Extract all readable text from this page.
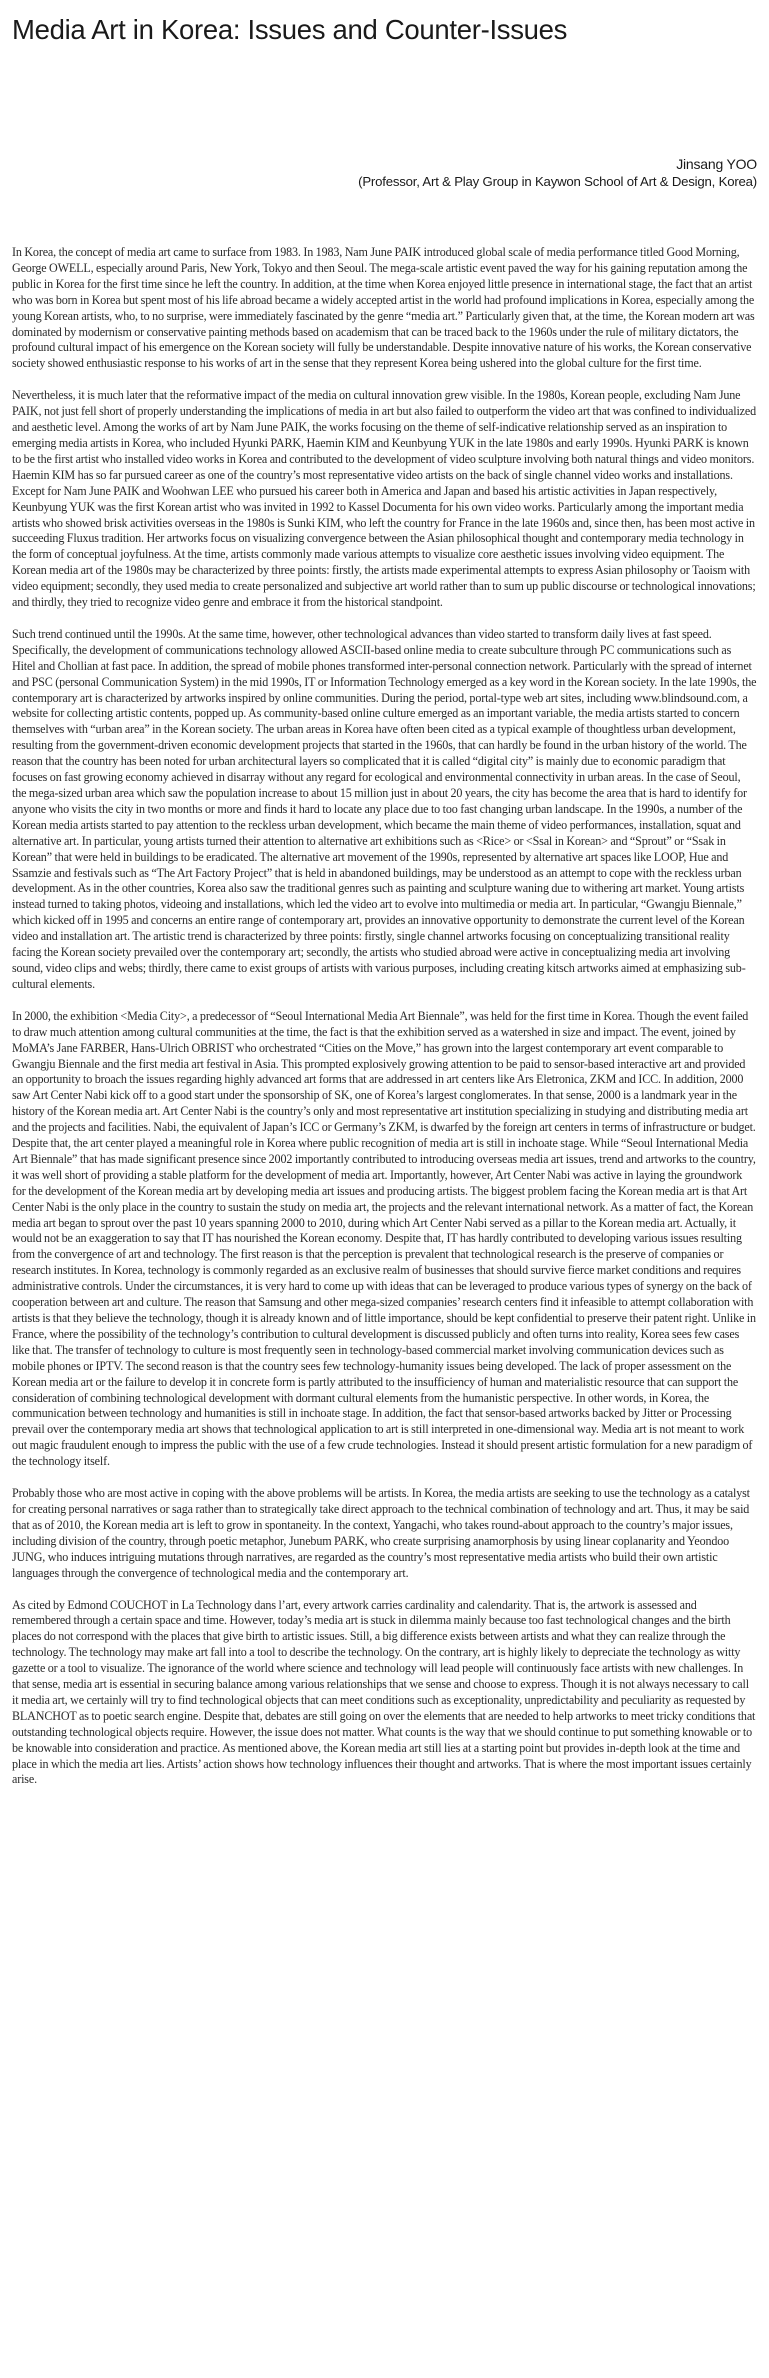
Media Art in Korea: Issues and Counter-Issues
Jinsang YOO
(Professor, Art & Play Group in Kaywon School of Art & Design, Korea)

In Korea, the concept of media art came to surface from 1983. In 1983, Nam June PAIK introduced global scale of media performance titled Good Morning, George OWELL, especially around Paris, New York, Tokyo and then Seoul. The mega-scale artistic event paved the way for his gaining reputation among the public in Korea for the first time since he left the country. In addition, at the time when Korea enjoyed little presence in international stage, the fact that an artist who was born in Korea but spent most of his life abroad became a widely accepted artist in the world had profound implications in Korea, especially among the young Korean artists, who, to no surprise, were immediately fascinated by the genre “media art.” Particularly given that, at the time, the Korean modern art was dominated by modernism or conservative painting methods based on academism that can be traced back to the 1960s under the rule of military dictators, the profound cultural impact of his emergence on the Korean society will fully be understandable. Despite innovative nature of his works, the Korean conservative society showed enthusiastic response to his works of art in the sense that they represent Korea being ushered into the global culture for the first time.

Nevertheless, it is much later that the reformative impact of the media on cultural innovation grew visible. In the 1980s, Korean people, excluding Nam June PAIK, not just fell short of properly understanding the implications of media in art but also failed to outperform the video art that was confined to individualized and aesthetic level. Among the works of art by Nam June PAIK, the works focusing on the theme of self-indicative relationship served as an inspiration to emerging media artists in Korea, who included Hyunki PARK, Haemin KIM and Keunbyung YUK in the late 1980s and early 1990s. Hyunki PARK is known to be the first artist who installed video works in Korea and contributed to the development of video sculpture involving both natural things and video monitors. Haemin KIM has so far pursued career as one of the country’s most representative video artists on the back of single channel video works and installations. Except for Nam June PAIK and Woohwan LEE who pursued his career both in America and Japan and based his artistic activities in Japan respectively, Keunbyung YUK was the first Korean artist who was invited in 1992 to Kassel Documenta for his own video works. Particularly among the important media artists who showed brisk activities overseas in the 1980s is Sunki KIM, who left the country for France in the late 1960s and, since then, has been most active in succeeding Fluxus tradition. Her artworks focus on visualizing convergence between the Asian philosophical thought and contemporary media technology in the form of conceptual joyfulness. At the time, artists commonly made various attempts to visualize core aesthetic issues involving video equipment. The Korean media art of the 1980s may be characterized by three points: firstly, the artists made experimental attempts to express Asian philosophy or Taoism with video equipment; secondly, they used media to create personalized and subjective art world rather than to sum up public discourse or technological innovations; and thirdly, they tried to recognize video genre and embrace it from the historical standpoint.

Such trend continued until the 1990s. At the same time, however, other technological advances than video started to transform daily lives at fast speed. Specifically, the development of communications technology allowed ASCII-based online media to create subculture through PC communications such as Hitel and Chollian at fast pace. In addition, the spread of mobile phones transformed inter-personal connection network. Particularly with the spread of internet and PSC (personal Communication System) in the mid 1990s, IT or Information Technology emerged as a key word in the Korean society. In the late 1990s, the contemporary art is characterized by artworks inspired by online communities. During the period, portal-type web art sites, including www.blindsound.com, a website for collecting artistic contents, popped up. As community-based online culture emerged as an important variable, the media artists started to concern themselves with “urban area” in the Korean society. The urban areas in Korea have often been cited as a typical example of thoughtless urban development, resulting from the government-driven economic development projects that started in the 1960s, that can hardly be found in the urban history of the world. The reason that the country has been noted for urban architectural layers so complicated that it is called “digital city” is mainly due to economic paradigm that focuses on fast growing economy achieved in disarray without any regard for ecological and environmental connectivity in urban areas. In the case of Seoul, the mega-sized urban area which saw the population increase to about 15 million just in about 20 years, the city has become the area that is hard to identify for anyone who visits the city in two months or more and finds it hard to locate any place due to too fast changing urban landscape. In the 1990s, a number of the Korean media artists started to pay attention to the reckless urban development, which became the main theme of video performances, installation, squat and alternative art. In particular, young artists turned their attention to alternative art exhibitions such as <Rice> or <Ssal in Korean> and “Sprout” or “Ssak in Korean” that were held in buildings to be eradicated. The alternative art movement of the 1990s, represented by alternative art spaces like LOOP, Hue and Ssamzie and festivals such as “The Art Factory Project” that is held in abandoned buildings, may be understood as an attempt to cope with the reckless urban development. As in the other countries, Korea also saw the traditional genres such as painting and sculpture waning due to withering art market. Young artists instead turned to taking photos, videoing and installations, which led the video art to evolve into multimedia or media art. In particular, “Gwangju Biennale,” which kicked off in 1995 and concerns an entire range of contemporary art, provides an innovative opportunity to demonstrate the current level of the Korean video and installation art. The artistic trend is characterized by three points: firstly, single channel artworks focusing on conceptualizing transitional reality facing the Korean society prevailed over the contemporary art; secondly, the artists who studied abroad were active in conceptualizing media art involving sound, video clips and webs; thirdly, there came to exist groups of artists with various purposes, including creating kitsch artworks aimed at emphasizing sub-cultural elements.

In 2000, the exhibition <Media City>, a predecessor of “Seoul International Media Art Biennale”, was held for the first time in Korea. Though the event failed to draw much attention among cultural communities at the time, the fact is that the exhibition served as a watershed in size and impact. The event, joined by MoMA’s Jane FARBER, Hans-Ulrich OBRIST who orchestrated “Cities on the Move,” has grown into the largest contemporary art event comparable to Gwangju Biennale and the first media art festival in Asia. This prompted explosively growing attention to be paid to sensor-based interactive art and provided an opportunity to broach the issues regarding highly advanced art forms that are addressed in art centers like Ars Eletronica, ZKM and ICC. In addition, 2000 saw Art Center Nabi kick off to a good start under the sponsorship of SK, one of Korea’s largest conglomerates. In that sense, 2000 is a landmark year in the history of the Korean media art. Art Center Nabi is the country’s only and most representative art institution specializing in studying and distributing media art and the projects and facilities. Nabi, the equivalent of Japan’s ICC or Germany’s ZKM, is dwarfed by the foreign art centers in terms of infrastructure or budget. Despite that, the art center played a meaningful role in Korea where public recognition of media art is still in inchoate stage. While “Seoul International Media Art Biennale” that has made significant presence since 2002 importantly contributed to introducing overseas media art issues, trend and artworks to the country, it was well short of providing a stable platform for the development of media art. Importantly, however, Art Center Nabi was active in laying the groundwork for the development of the Korean media art by developing media art issues and producing artists. The biggest problem facing the Korean media art is that Art Center Nabi is the only place in the country to sustain the study on media art, the projects and the relevant international network. As a matter of fact, the Korean media art began to sprout over the past 10 years spanning 2000 to 2010, during which Art Center Nabi served as a pillar to the Korean media art. Actually, it would not be an exaggeration to say that IT has nourished the Korean economy. Despite that, IT has hardly contributed to developing various issues resulting from the convergence of art and technology. The first reason is that the perception is prevalent that technological research is the preserve of companies or research institutes. In Korea, technology is commonly regarded as an exclusive realm of businesses that should survive fierce market conditions and requires administrative controls. Under the circumstances, it is very hard to come up with ideas that can be leveraged to produce various types of synergy on the back of cooperation between art and culture. The reason that Samsung and other mega-sized companies’ research centers find it infeasible to attempt collaboration with artists is that they believe the technology, though it is already known and of little importance, should be kept confidential to preserve their patent right. Unlike in France, where the possibility of the technology’s contribution to cultural development is discussed publicly and often turns into reality, Korea sees few cases like that. The transfer of technology to culture is most frequently seen in technology-based commercial market involving communication devices such as mobile phones or IPTV. The second reason is that the country sees few technology-humanity issues being developed. The lack of proper assessment on the Korean media art or the failure to develop it in concrete form is partly attributed to the insufficiency of human and materialistic resource that can support the consideration of combining technological development with dormant cultural elements from the humanistic perspective. In other words, in Korea, the communication between technology and humanities is still in inchoate stage. In addition, the fact that sensor-based artworks backed by Jitter or Processing prevail over the contemporary media art shows that technological application to art is still interpreted in one-dimensional way. Media art is not meant to work out magic fraudulent enough to impress the public with the use of a few crude technologies. Instead it should present artistic formulation for a new paradigm of the technology itself.

Probably those who are most active in coping with the above problems will be artists. In Korea, the media artists are seeking to use the technology as a catalyst for creating personal narratives or saga rather than to strategically take direct approach to the technical combination of technology and art. Thus, it may be said that as of 2010, the Korean media art is left to grow in spontaneity. In the context, Yangachi, who takes round-about approach to the country’s major issues, including division of the country, through poetic metaphor, Junebum PARK, who create surprising anamorphosis by using linear coplanarity and Yeondoo JUNG, who induces intriguing mutations through narratives, are regarded as the country’s most representative media artists who build their own artistic languages through the convergence of technological media and the contemporary art.

As cited by Edmond COUCHOT in La Technology dans l’art, every artwork carries cardinality and calendarity. That is, the artwork is assessed and remembered through a certain space and time. However, today’s media art is stuck in dilemma mainly because too fast technological changes and the birth places do not correspond with the places that give birth to artistic issues. Still, a big difference exists between artists and what they can realize through the technology. The technology may make art fall into a tool to describe the technology. On the contrary, art is highly likely to depreciate the technology as witty gazette or a tool to visualize. The ignorance of the world where science and technology will lead people will continuously face artists with new challenges. In that sense, media art is essential in securing balance among various relationships that we sense and choose to express. Though it is not always necessary to call it media art, we certainly will try to find technological objects that can meet conditions such as exceptionality, unpredictability and peculiarity as requested by BLANCHOT as to poetic search engine. Despite that, debates are still going on over the elements that are needed to help artworks to meet tricky conditions that outstanding technological objects require. However, the issue does not matter. What counts is the way that we should continue to put something knowable or to be knowable into consideration and practice. As mentioned above, the Korean media art still lies at a starting point but provides in-depth look at the time and place in which the media art lies. Artists’ action shows how technology influences their thought and artworks. That is where the most important issues certainly arise.
